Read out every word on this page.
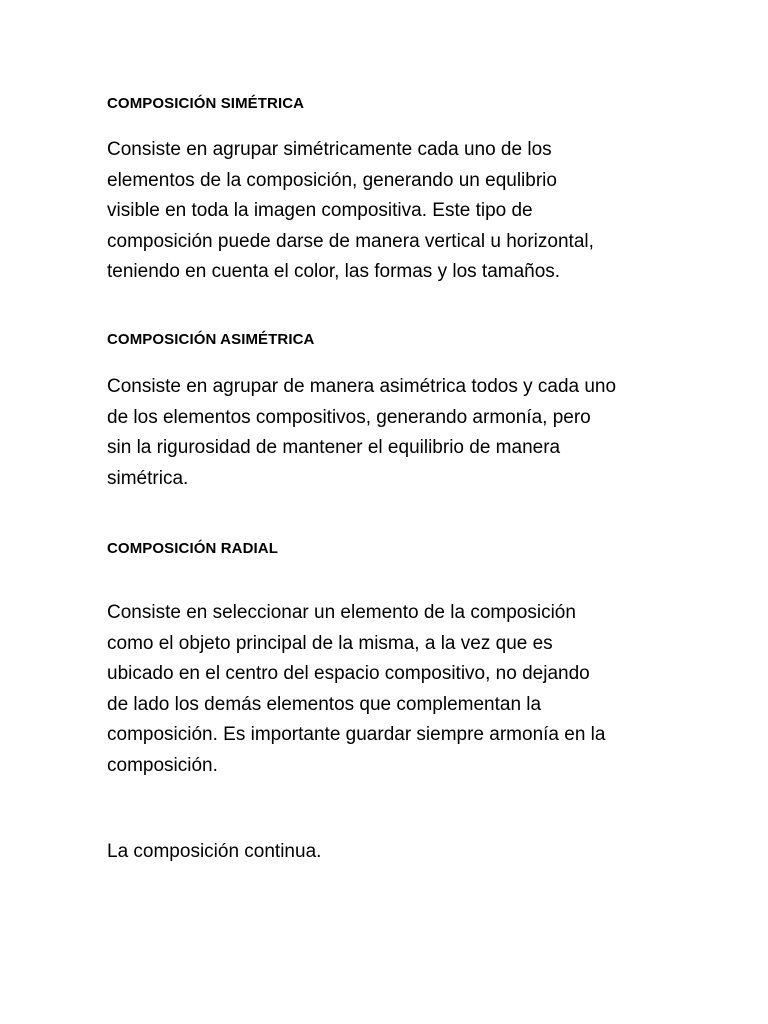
COMPOSICIÓN SIMÉTRICA

Consiste en agrupar simétricamente cada uno de los
elementos de la composición, generando un equlibrio
visible en toda la imagen compositiva. Este tipo de
composición puede darse de manera vertical u horizontal,
teniendo en cuenta el color, las formas y los tamaños.

COMPOSICIÓN ASIMÉTRICA

Consiste en agrupar de manera asimétrica todos y cada uno
de los elementos compositivos, generando armonía, pero
sin la rigurosidad de mantener el equilibrio de manera
simétrica.

COMPOSICIÓN RADIAL

Consiste en seleccionar un elemento de la composición
como el objeto principal de la misma, a la vez que es
ubicado en el centro del espacio compositivo, no dejando
de lado los demás elementos que complementan la
composición. Es importante guardar siempre armonía en la
composición.

La composición continua.
